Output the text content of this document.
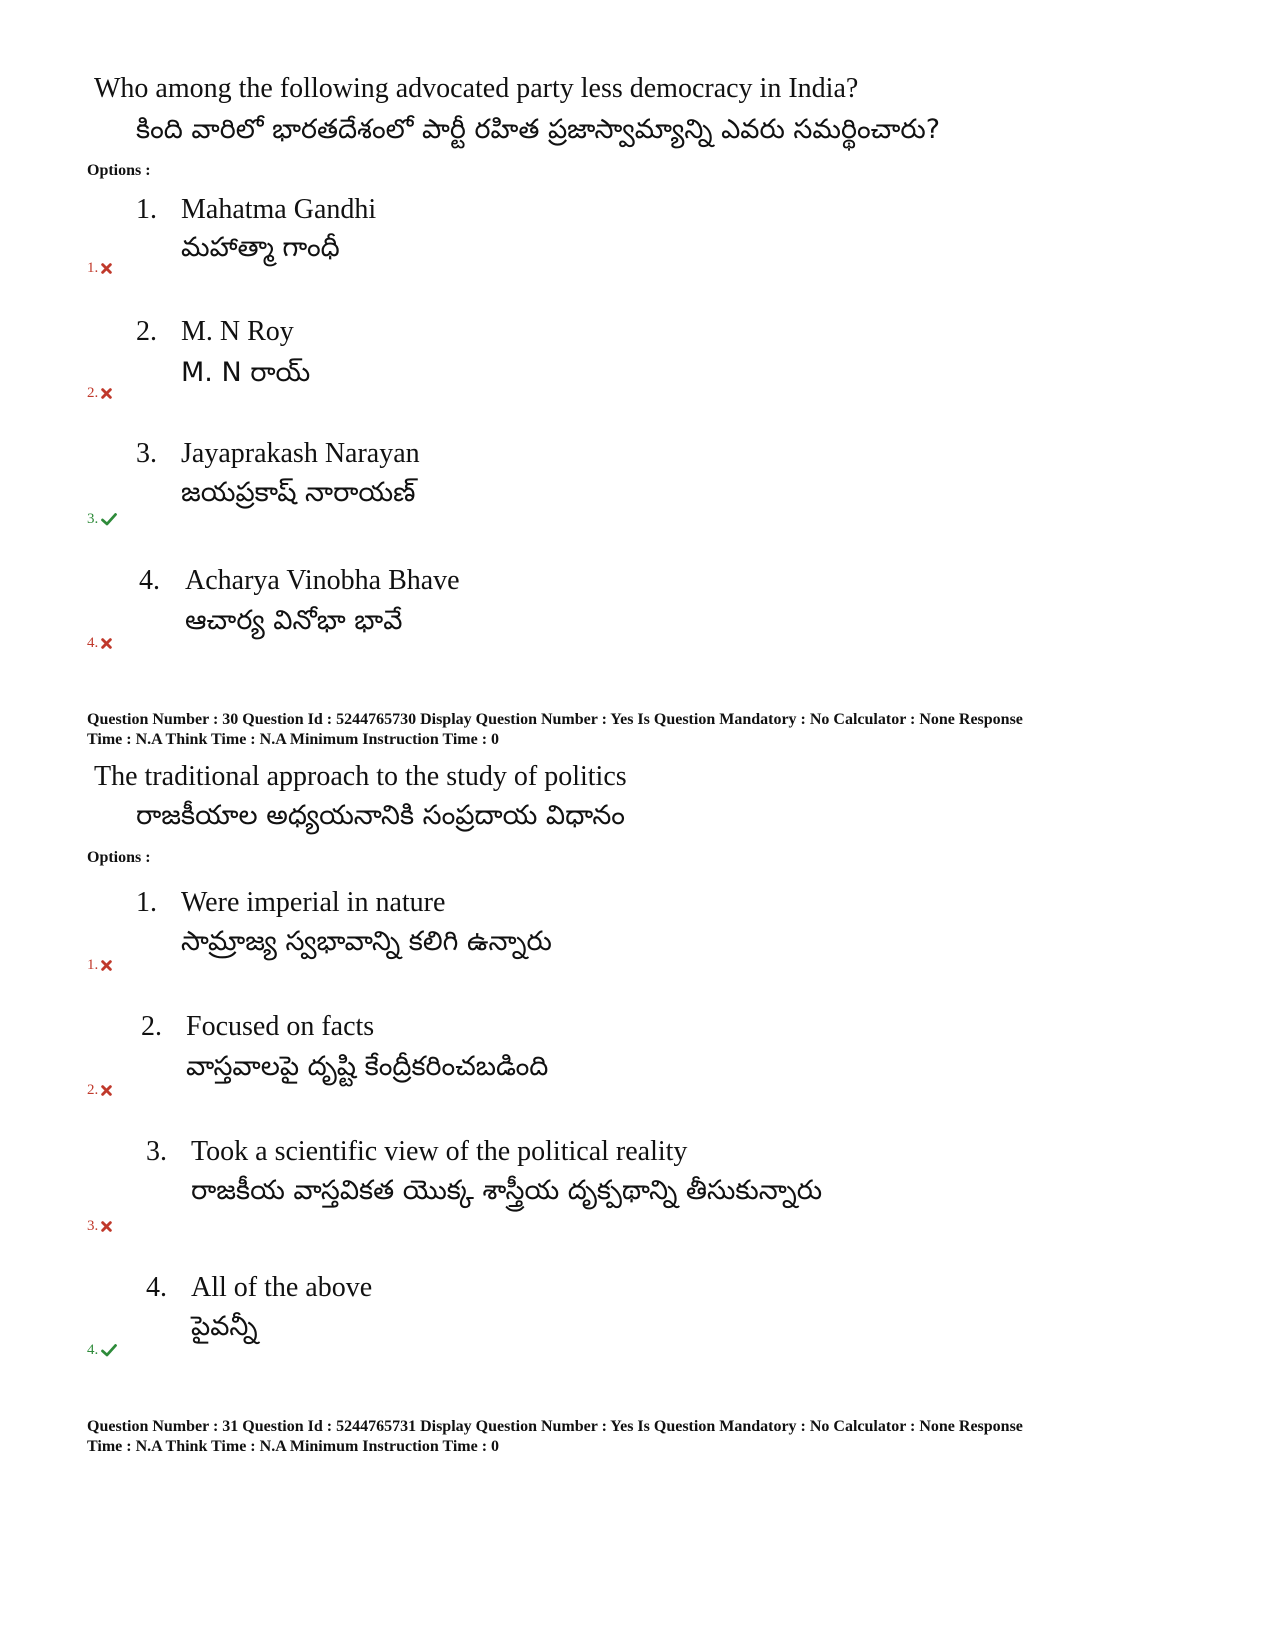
Who among the following advocated party less democracy in India?
కింది వారిలో భారతదేశంలో పార్టీ రహిత ప్రజాస్వామ్యాన్ని ఎవరు సమర్థించారు?
Options :
1. Mahatma Gandhi
మహాత్మా గాంధీ
1.
2. M. N Roy
M. N రాయ్
2.
3. Jayaprakash Narayan
జయప్రకాష్ నారాయణ్
3.
4. Acharya Vinobha Bhave
ఆచార్య వినోభా భావే
4.
Question Number : 30 Question Id : 5244765730 Display Question Number : Yes Is Question Mandatory : No Calculator : None Response
Time : N.A Think Time : N.A Minimum Instruction Time : 0
The traditional approach to the study of politics
రాజకీయాల అధ్యయనానికి సంప్రదాయ విధానం
Options :
1. Were imperial in nature
సామ్రాజ్య స్వభావాన్ని కలిగి ఉన్నారు
1.
2. Focused on facts
వాస్తవాలపై దృష్టి కేంద్రీకరించబడింది
2.
3. Took a scientific view of the political reality
రాజకీయ వాస్తవికత యొక్క శాస్త్రీయ దృక్పథాన్ని తీసుకున్నారు
3.
4. All of the above
పైవన్నీ
4.
Question Number : 31 Question Id : 5244765731 Display Question Number : Yes Is Question Mandatory : No Calculator : None Response
Time : N.A Think Time : N.A Minimum Instruction Time : 0
